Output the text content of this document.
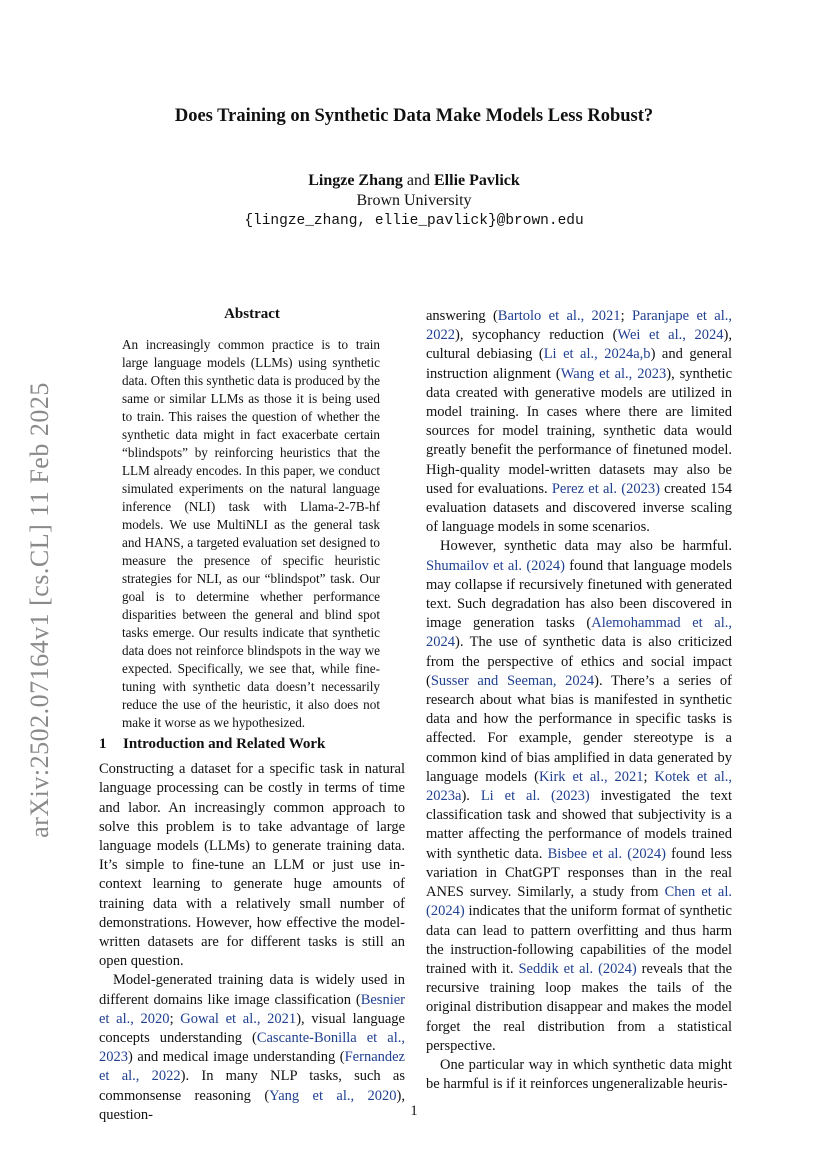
arXiv:2502.07164v1 [cs.CL] 11 Feb 2025
Does Training on Synthetic Data Make Models Less Robust?
Lingze Zhang and Ellie Pavlick
Brown University
{lingze_zhang, ellie_pavlick}@brown.edu
Abstract

An increasingly common practice is to train large language models (LLMs) using synthetic data. Often this synthetic data is produced by the same or similar LLMs as those it is being used to train. This raises the question of whether the synthetic data might in fact exacerbate certain “blindspots” by reinforcing heuristics that the LLM already encodes. In this paper, we conduct simulated experiments on the natural language inference (NLI) task with Llama-2-7B-hf models. We use MultiNLI as the general task and HANS, a targeted evaluation set designed to measure the presence of specific heuristic strategies for NLI, as our “blindspot” task. Our goal is to determine whether performance disparities between the general and blind spot tasks emerge. Our results indicate that synthetic data does not reinforce blindspots in the way we expected. Specifically, we see that, while fine-tuning with synthetic data doesn’t necessarily reduce the use of the heuristic, it also does not make it worse as we hypothesized.

1 Introduction and Related Work

Constructing a dataset for a specific task in natural language processing can be costly in terms of time and labor. An increasingly common approach to solve this problem is to take advantage of large language models (LLMs) to generate training data. It’s simple to fine-tune an LLM or just use in-context learning to generate huge amounts of training data with a relatively small number of demonstrations. However, how effective the model-written datasets are for different tasks is still an open question.

Model-generated training data is widely used in different domains like image classification (Besnier et al., 2020; Gowal et al., 2021), visual language concepts understanding (Cascante-Bonilla et al., 2023) and medical image understanding (Fernandez et al., 2022). In many NLP tasks, such as commonsense reasoning (Yang et al., 2020), question-

answering (Bartolo et al., 2021; Paranjape et al., 2022), sycophancy reduction (Wei et al., 2024), cultural debiasing (Li et al., 2024a,b) and general instruction alignment (Wang et al., 2023), synthetic data created with generative models are utilized in model training. In cases where there are limited sources for model training, synthetic data would greatly benefit the performance of finetuned model. High-quality model-written datasets may also be used for evaluations. Perez et al. (2023) created 154 evaluation datasets and discovered inverse scaling of language models in some scenarios.

However, synthetic data may also be harmful. Shumailov et al. (2024) found that language models may collapse if recursively finetuned with generated text. Such degradation has also been discovered in image generation tasks (Alemohammad et al., 2024). The use of synthetic data is also criticized from the perspective of ethics and social impact (Susser and Seeman, 2024). There’s a series of research about what bias is manifested in synthetic data and how the performance in specific tasks is affected. For example, gender stereotype is a common kind of bias amplified in data generated by language models (Kirk et al., 2021; Kotek et al., 2023a). Li et al. (2023) investigated the text classification task and showed that subjectivity is a matter affecting the performance of models trained with synthetic data. Bisbee et al. (2024) found less variation in ChatGPT responses than in the real ANES survey. Similarly, a study from Chen et al. (2024) indicates that the uniform format of synthetic data can lead to pattern overfitting and thus harm the instruction-following capabilities of the model trained with it. Seddik et al. (2024) reveals that the recursive training loop makes the tails of the original distribution disappear and makes the model forget the real distribution from a statistical perspective.

One particular way in which synthetic data might be harmful is if it reinforces ungeneralizable heuris-

1
